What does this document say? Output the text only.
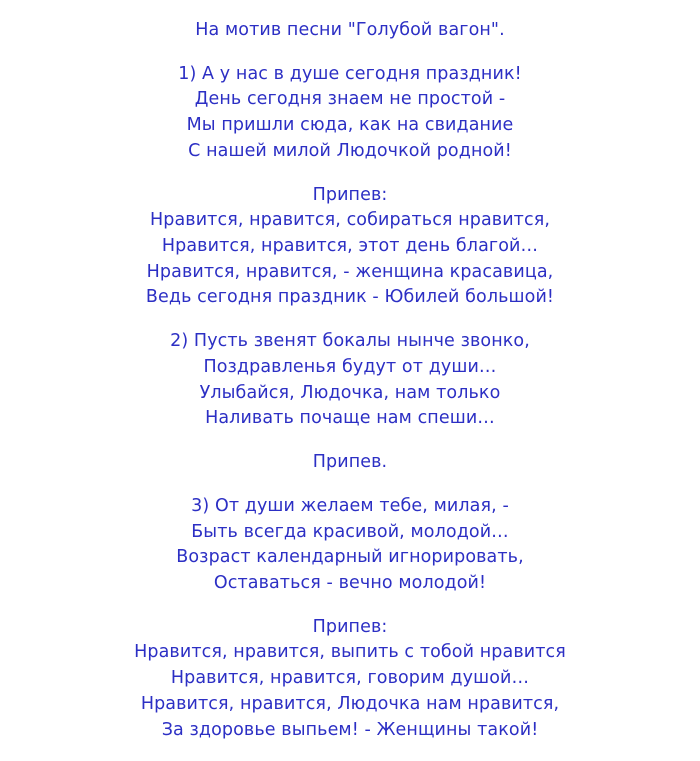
На мотив песни "Голубой вагон".
1) А у нас в душе сегодня праздник!
День сегодня знаем не простой -
Мы пришли сюда, как на свидание
С нашей милой Людочкой родной!
Припев:
Нравится, нравится, собираться нравится,
Нравится, нравится, этот день благой…
Нравится, нравится, - женщина красавица,
Ведь сегодня праздник - Юбилей большой!
2) Пусть звенят бокалы нынче звонко,
Поздравленья будут от души…
Улыбайся, Людочка, нам только
Наливать почаще нам спеши…
Припев.
3) От души желаем тебе, милая, -
Быть всегда красивой, молодой…
Возраст календарный игнорировать,
Оставаться - вечно молодой!
Припев:
Нравится, нравится, выпить с тобой нравится
Нравится, нравится, говорим душой…
Нравится, нравится, Людочка нам нравится,
За здоровье выпьем! - Женщины такой!
